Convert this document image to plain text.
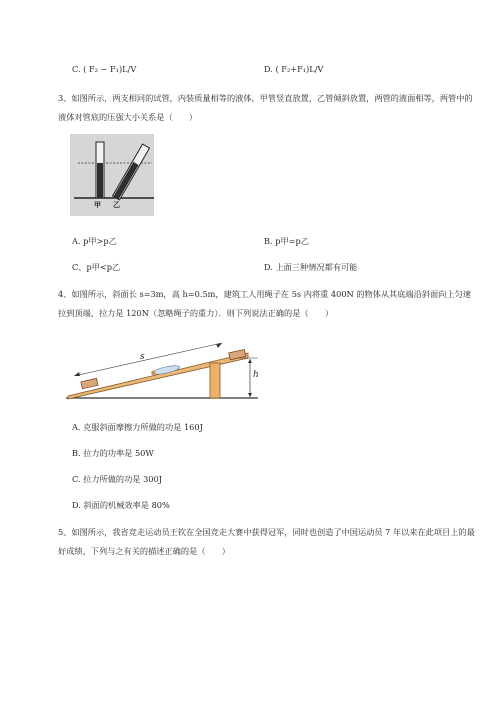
C. ( F₂ − F₁)L/V	D. ( F₂+F₁)L/V
3、如图所示，两支相同的试管，内装质量相等的液体，甲管竖直放置，乙管倾斜放置，两管的液面相等，两管中的液体对管底的压强大小关系是（　　）
甲 乙
A. p甲>p乙	B. p甲=p乙
C、p甲<p乙	D. 上面三种情况都有可能
4、如图所示，斜面长 s=3m，高 h=0.5m，建筑工人用绳子在 5s 内将重 400N 的物体从其底端沿斜面向上匀速拉到顶端，拉力是 120N（忽略绳子的重力）．则下列说法正确的是（　　）
s
h
A. 克服斜面摩擦力所做的功是 160J
B. 拉力的功率是 50W
C. 拉力所做的功是 300J
D. 斜面的机械效率是 80%
5、如图所示，我省竞走运动员王钦在全国竞走大赛中获得冠军，同时也创造了中国运动员 7 年以来在此项目上的最好成绩，下列与之有关的描述正确的是（　　）
